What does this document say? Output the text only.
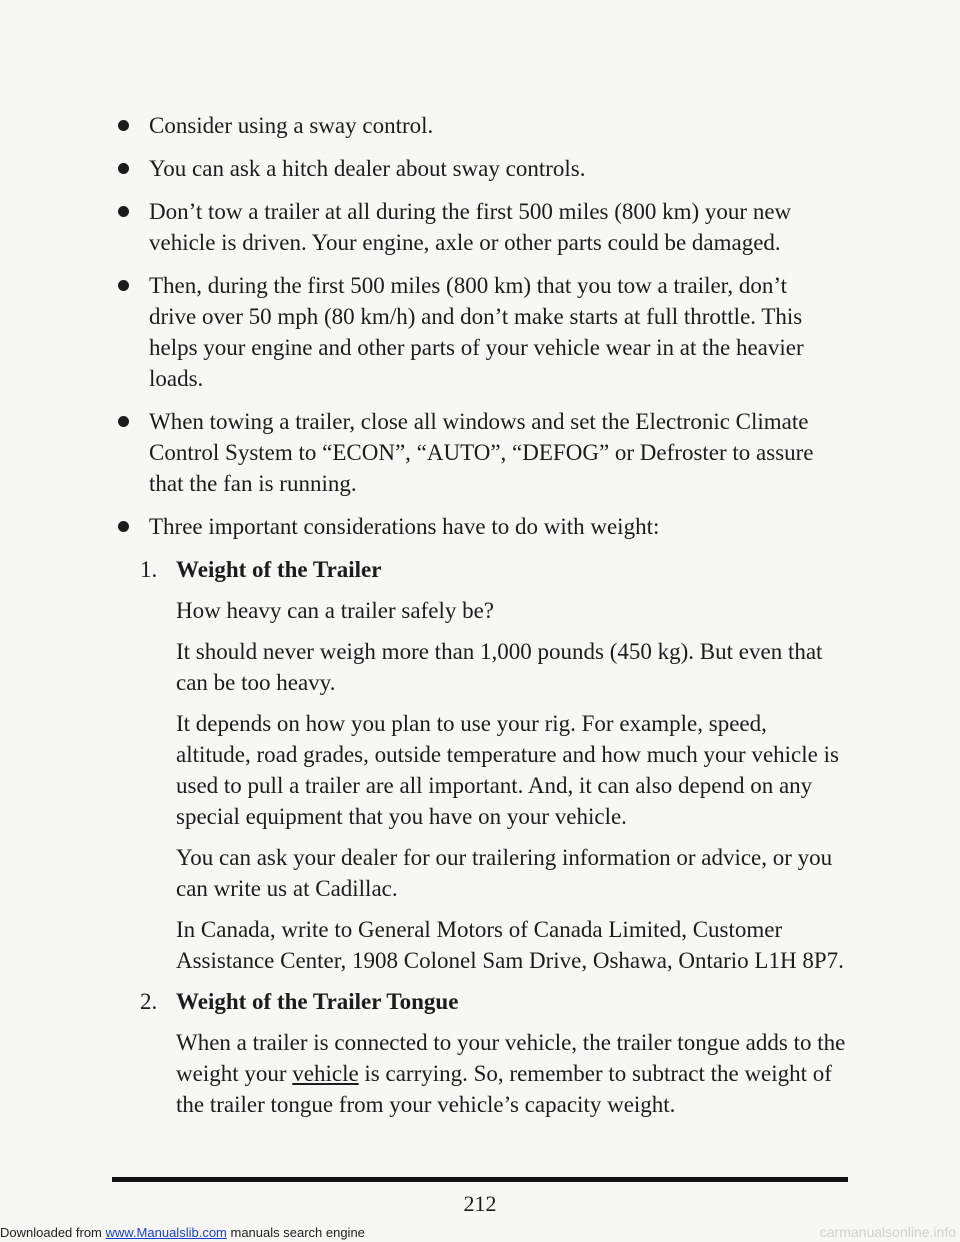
Consider using a sway control.
You can ask a hitch dealer about sway controls.
Don’t tow a trailer at all during the first 500 miles (800 km) your new vehicle is driven. Your engine, axle or other parts could be damaged.
Then, during the first 500 miles (800 km) that you tow a trailer, don’t drive over 50 mph (80 km/h) and don’t make starts at full throttle. This helps your engine and other parts of your vehicle wear in at the heavier loads.
When towing a trailer, close all windows and set the Electronic Climate Control System to “ECON”, “AUTO”, “DEFOG” or Defroster to assure that the fan is running.
Three important considerations have to do with weight:
1. Weight of the Trailer
How heavy can a trailer safely be?
It should never weigh more than 1,000 pounds (450 kg). But even that can be too heavy.
It depends on how you plan to use your rig. For example, speed, altitude, road grades, outside temperature and how much your vehicle is used to pull a trailer are all important. And, it can also depend on any special equipment that you have on your vehicle.
You can ask your dealer for our trailering information or advice, or you can write us at Cadillac.
In Canada, write to General Motors of Canada Limited, Customer Assistance Center, 1908 Colonel Sam Drive, Oshawa, Ontario L1H 8P7.
2. Weight of the Trailer Tongue
When a trailer is connected to your vehicle, the trailer tongue adds to the weight your vehicle is carrying. So, remember to subtract the weight of the trailer tongue from your vehicle’s capacity weight.
212
Downloaded from www.Manualslib.com manuals search engine	carmanualsonline.info
